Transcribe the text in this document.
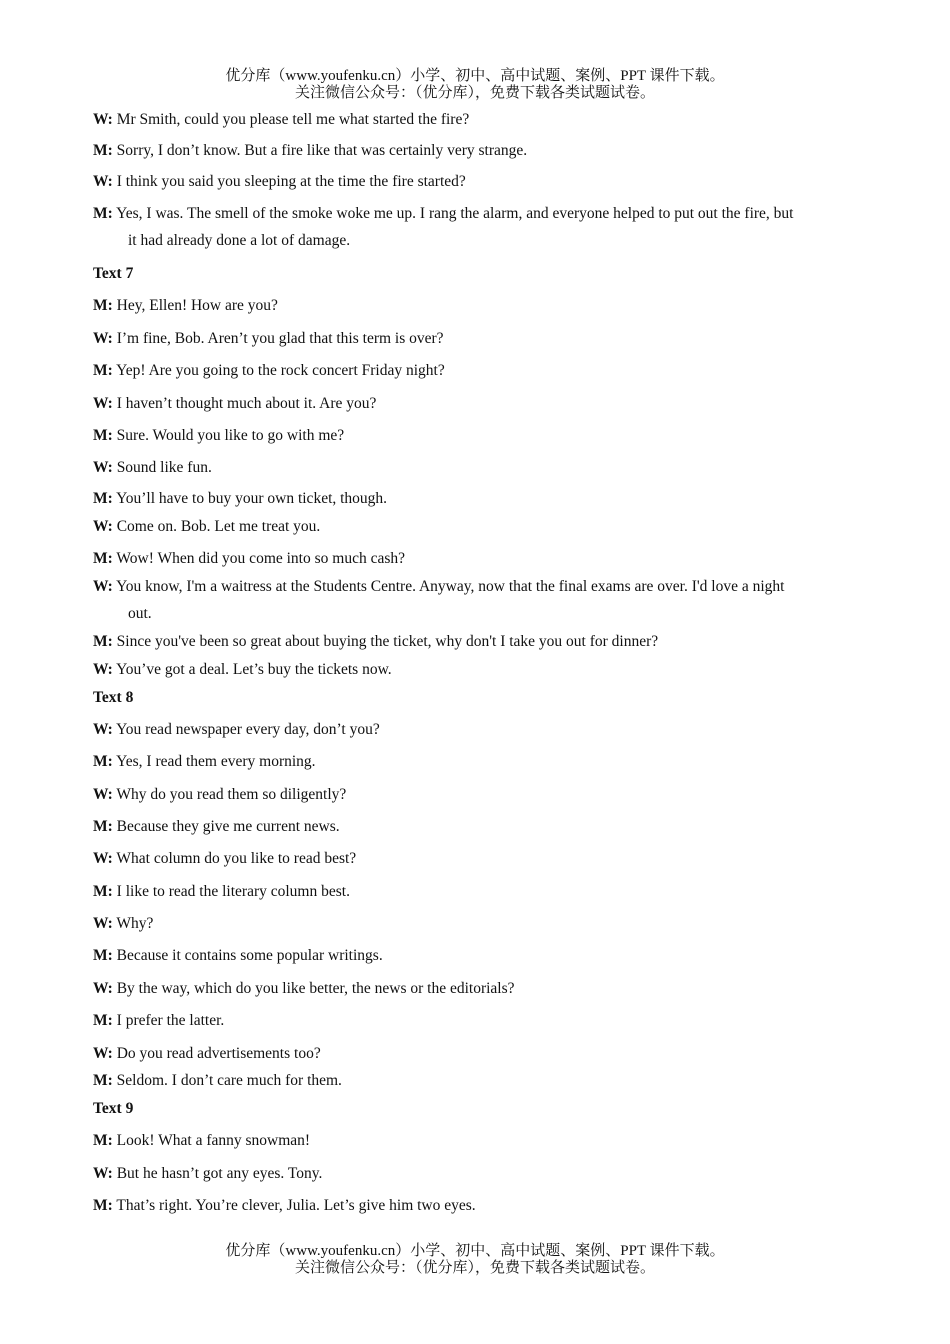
优分库（www.youfenku.cn）小学、初中、高中试题、案例、PPT 课件下载。
关注微信公众号：（优分库），免费下载各类试题试卷。
W: Mr Smith, could you please tell me what started the fire?
M: Sorry, I don’t know. But a fire like that was certainly very strange.
W: I think you said you sleeping at the time the fire started?
M: Yes, I was. The smell of the smoke woke me up. I rang the alarm, and everyone helped to put out the fire, but
it had already done a lot of damage.
Text 7
M: Hey, Ellen! How are you?
W: I’m fine, Bob. Aren’t you glad that this term is over?
M: Yep! Are you going to the rock concert Friday night?
W: I haven’t thought much about it. Are you?
M: Sure. Would you like to go with me?
W: Sound like fun.
M: You’ll have to buy your own ticket, though.
W: Come on. Bob. Let me treat you.
M: Wow! When did you come into so much cash?
W: You know, I'm a waitress at the Students Centre. Anyway, now that the final exams are over. I'd love a night
out.
M: Since you've been so great about buying the ticket, why don't I take you out for dinner?
W: You’ve got a deal. Let’s buy the tickets now.
Text 8
W: You read newspaper every day, don’t you?
M: Yes, I read them every morning.
W: Why do you read them so diligently?
M: Because they give me current news.
W: What column do you like to read best?
M: I like to read the literary column best.
W: Why?
M: Because it contains some popular writings.
W: By the way, which do you like better, the news or the editorials?
M: I prefer the latter.
W: Do you read advertisements too?
M: Seldom. I don’t care much for them.
Text 9
M: Look! What a fanny snowman!
W: But he hasn’t got any eyes. Tony.
M: That’s right. You’re clever, Julia. Let’s give him two eyes.
优分库（www.youfenku.cn）小学、初中、高中试题、案例、PPT 课件下载。
关注微信公众号：（优分库），免费下载各类试题试卷。
